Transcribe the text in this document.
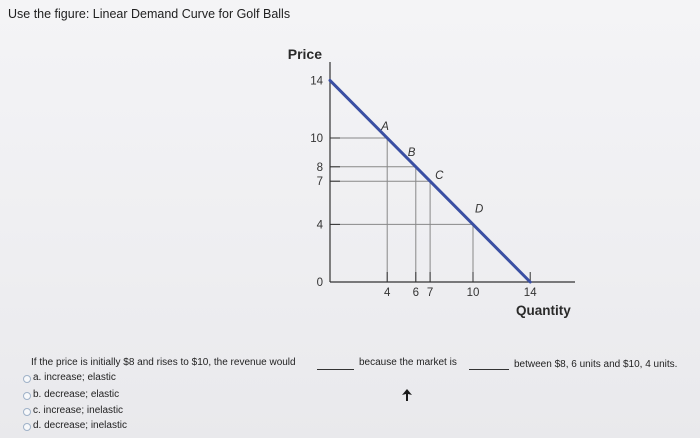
Use the figure: Linear Demand Curve for Golf Balls
14
10
8
7
4
0
4 6 7	10	14
A
B
C
D
Price
Quantity
If the price is initially $8 and rises to $10, the revenue would	because the market is	between $8, 6 units and $10, 4 units.
a. increase; elastic
b. decrease; elastic
c. increase; inelastic
d. decrease; inelastic
